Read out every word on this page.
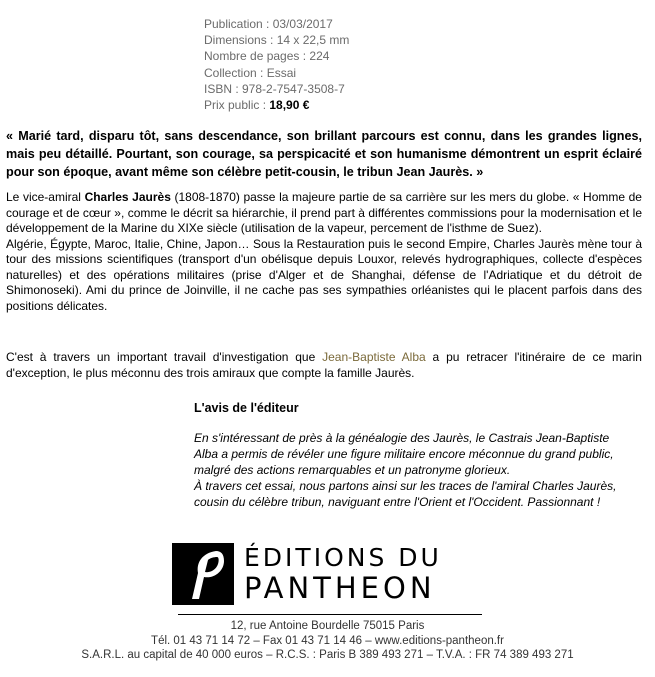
Publication : 03/03/2017
Dimensions : 14 x 22,5 mm
Nombre de pages : 224
Collection : Essai
ISBN : 978-2-7547-3508-7
Prix public : 18,90 €

« Marié tard, disparu tôt, sans descendance, son brillant parcours est connu, dans les grandes lignes, mais peu détaillé. Pourtant, son courage, sa perspicacité et son humanisme démontrent un esprit éclairé pour son époque, avant même son célèbre petit-cousin, le tribun Jean Jaurès. »

Le vice-amiral Charles Jaurès (1808-1870) passe la majeure partie de sa carrière sur les mers du globe. « Homme de courage et de cœur », comme le décrit sa hiérarchie, il prend part à différentes commissions pour la modernisation et le développement de la Marine du XIXe siècle (utilisation de la vapeur, percement de l'isthme de Suez).
Algérie, Égypte, Maroc, Italie, Chine, Japon… Sous la Restauration puis le second Empire, Charles Jaurès mène tour à tour des missions scientifiques (transport d'un obélisque depuis Louxor, relevés hydrographiques, collecte d'espèces naturelles) et des opérations militaires (prise d'Alger et de Shanghai, défense de l'Adriatique et du détroit de Shimonoseki). Ami du prince de Joinville, il ne cache pas ses sympathies orléanistes qui le placent parfois dans des positions délicates.
C'est à travers un important travail d'investigation que Jean-Baptiste Alba a pu retracer l'itinéraire de ce marin d'exception, le plus méconnu des trois amiraux que compte la famille Jaurès.

L'avis de l'éditeur

En s'intéressant de près à la généalogie des Jaurès, le Castrais Jean-Baptiste Alba a permis de révéler une figure militaire encore méconnue du grand public, malgré des actions remarquables et un patronyme glorieux.
À travers cet essai, nous partons ainsi sur les traces de l'amiral Charles Jaurès, cousin du célèbre tribun, naviguant entre l'Orient et l'Occident. Passionnant !
ÉDITIONS DU
PANTHEON
12, rue Antoine Bourdelle 75015 Paris
Tél. 01 43 71 14 72 – Fax 01 43 71 14 46 – www.editions-pantheon.fr
S.A.R.L. au capital de 40 000 euros – R.C.S. : Paris B 389 493 271 – T.V.A. : FR 74 389 493 271
